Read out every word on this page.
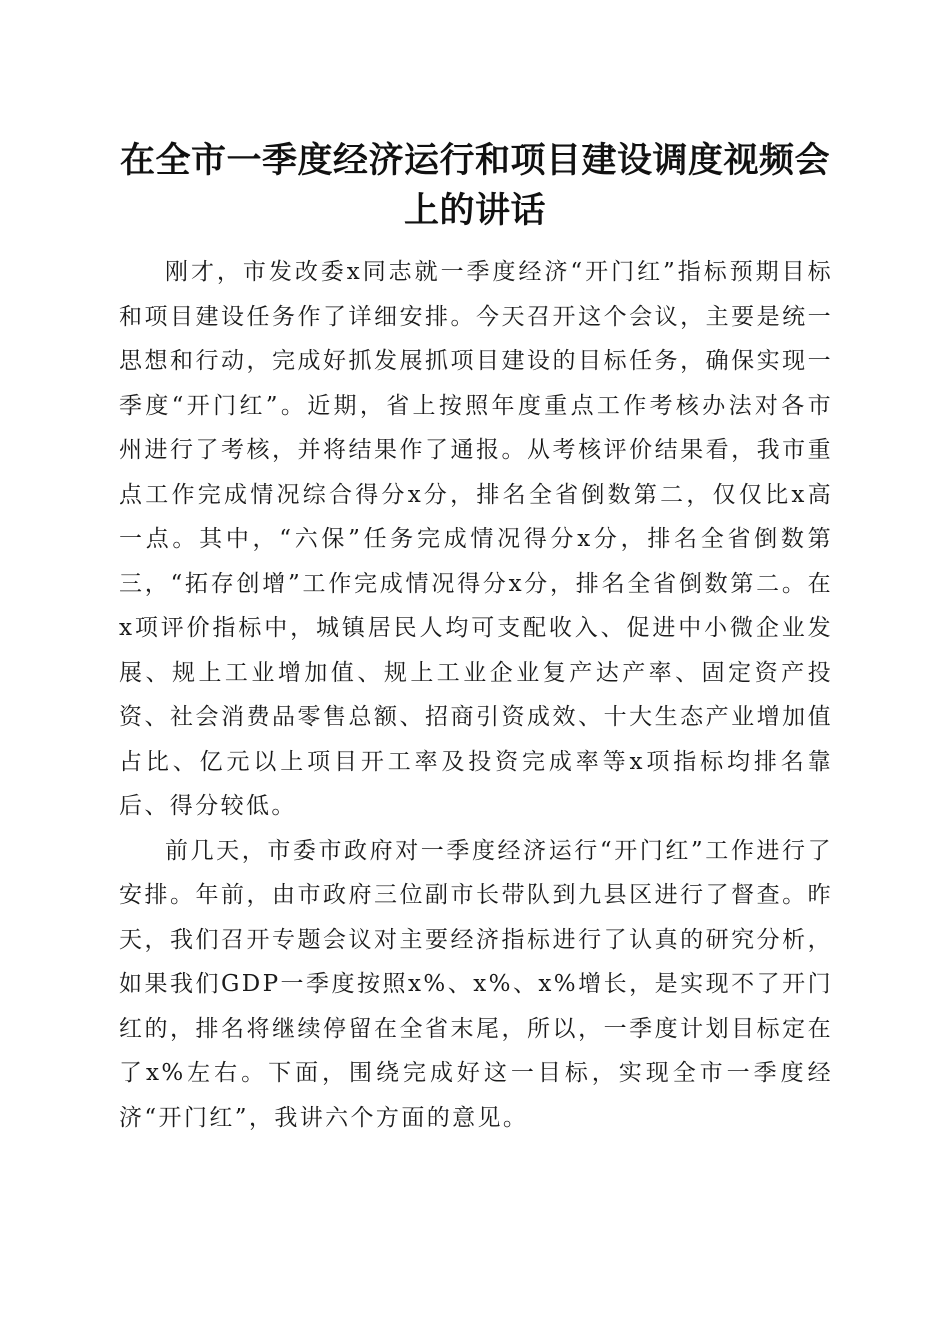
在全市一季度经济运行和项目建设调度视频会上的讲话

刚才，市发改委x同志就一季度经济“开门红”指标预期目标和项目建设任务作了详细安排。今天召开这个会议，主要是统一思想和行动，完成好抓发展抓项目建设的目标任务，确保实现一季度“开门红”。近期，省上按照年度重点工作考核办法对各市州进行了考核，并将结果作了通报。从考核评价结果看，我市重点工作完成情况综合得分x分，排名全省倒数第二，仅仅比x高一点。其中，“六保”任务完成情况得分x分，排名全省倒数第三，“拓存创增”工作完成情况得分x分，排名全省倒数第二。在x项评价指标中，城镇居民人均可支配收入、促进中小微企业发展、规上工业增加值、规上工业企业复产达产率、固定资产投资、社会消费品零售总额、招商引资成效、十大生态产业增加值占比、亿元以上项目开工率及投资完成率等x项指标均排名靠后、得分较低。

前几天，市委市政府对一季度经济运行“开门红”工作进行了安排。年前，由市政府三位副市长带队到九县区进行了督查。昨天，我们召开专题会议对主要经济指标进行了认真的研究分析，如果我们GDP一季度按照x%、x%、x%增长，是实现不了开门红的，排名将继续停留在全省末尾，所以，一季度计划目标定在了x%左右。下面，围绕完成好这一目标，实现全市一季度经济“开门红”，我讲六个方面的意见。
